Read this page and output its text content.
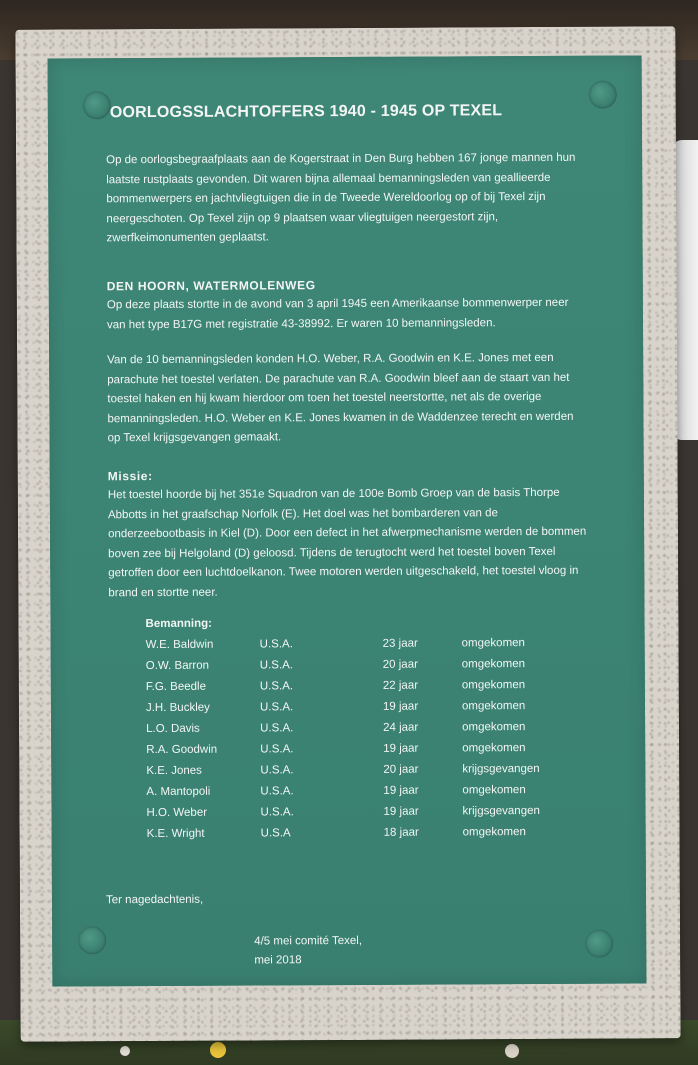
OORLOGSSLACHTOFFERS 1940 - 1945 OP TEXEL
Op de oorlogsbegraafplaats aan de Kogerstraat in Den Burg hebben 167 jonge mannen hun laatste rustplaats gevonden. Dit waren bijna allemaal bemanningsleden van geallieerde bommenwerpers en jachtvliegtuigen die in de Tweede Wereldoorlog op of bij Texel zijn neergeschoten. Op Texel zijn op 9 plaatsen waar vliegtuigen neergestort zijn, zwerfkeimonumenten geplaatst.
DEN HOORN, WATERMOLENWEG
Op deze plaats stortte in de avond van 3 april 1945 een Amerikaanse bommenwerper neer van het type B17G met registratie 43-38992. Er waren 10 bemanningsleden.
Van de 10 bemanningsleden konden H.O. Weber, R.A. Goodwin en K.E. Jones met een parachute het toestel verlaten. De parachute van R.A. Goodwin bleef aan de staart van het toestel haken en hij kwam hierdoor om toen het toestel neerstortte, net als de overige bemanningsleden. H.O. Weber en K.E. Jones kwamen in de Waddenzee terecht en werden op Texel krijgsgevangen gemaakt.
Missie:
Het toestel hoorde bij het 351e Squadron van de 100e Bomb Groep van de basis Thorpe Abbotts in het graafschap Norfolk (E). Het doel was het bombarderen van de onderzeebootbasis in Kiel (D). Door een defect in het afwerpmechanisme werden de bommen boven zee bij Helgoland (D) geloosd. Tijdens de terugtocht werd het toestel boven Texel getroffen door een luchtdoelkanon. Twee motoren werden uitgeschakeld, het toestel vloog in brand en stortte neer.
Bemanning:
W.E. Baldwin	U.S.A.	23 jaar	omgekomen
O.W. Barron	U.S.A.	20 jaar	omgekomen
F.G. Beedle	U.S.A.	22 jaar	omgekomen
J.H. Buckley	U.S.A.	19 jaar	omgekomen
L.O. Davis	U.S.A.	24 jaar	omgekomen
R.A. Goodwin	U.S.A.	19 jaar	omgekomen
K.E. Jones	U.S.A.	20 jaar	krijgsgevangen
A. Mantopoli	U.S.A.	19 jaar	omgekomen
H.O. Weber	U.S.A.	19 jaar	krijgsgevangen
K.E. Wright	U.S.A	18 jaar	omgekomen
Ter nagedachtenis,
4/5 mei comité Texel,
mei 2018
